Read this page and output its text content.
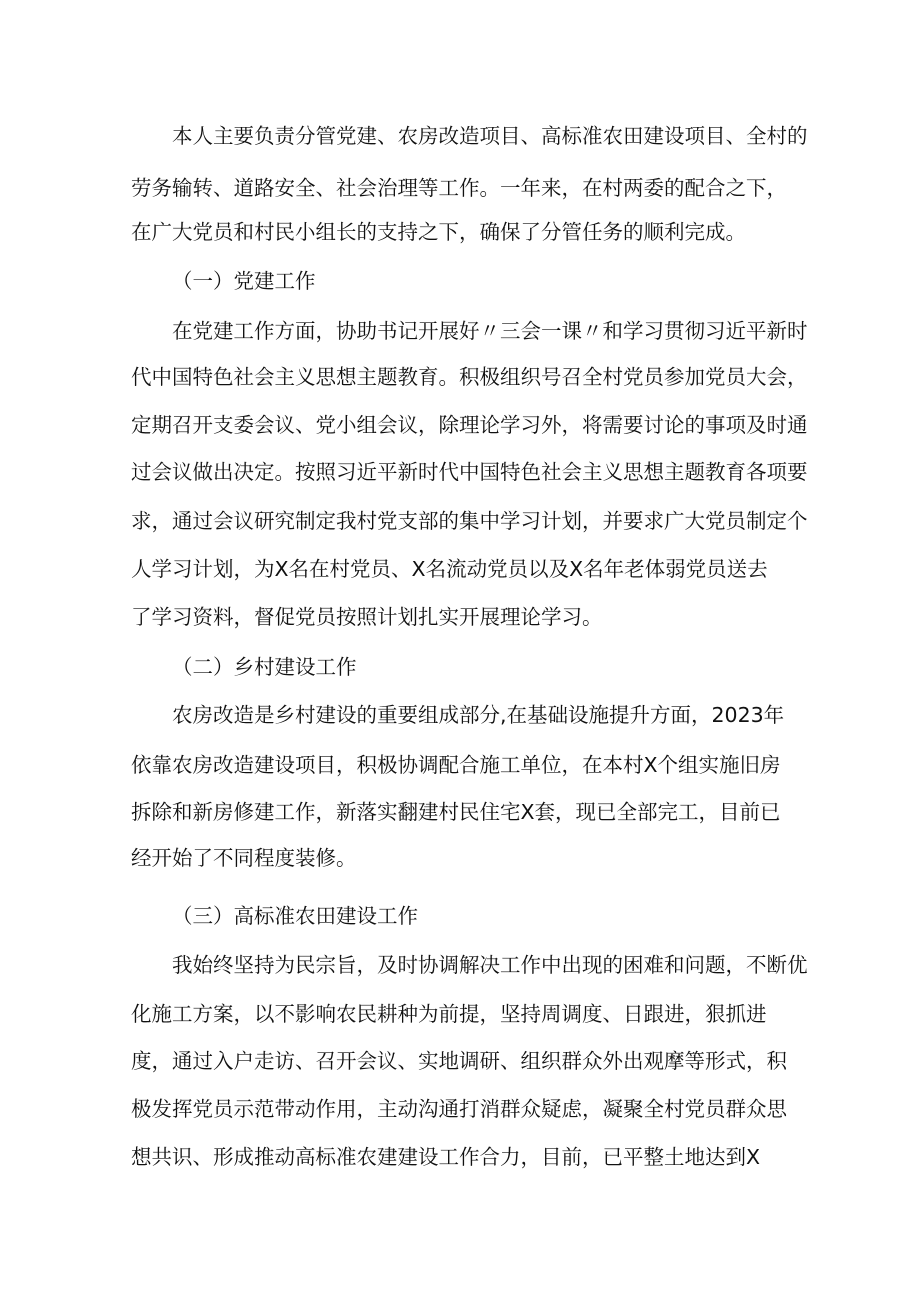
本人主要负责分管党建、农房改造项目、高标准农田建设项目、全村的
劳务输转、道路安全、社会治理等工作。一年来，在村两委的配合之下，
在广大党员和村民小组长的支持之下，确保了分管任务的顺利完成。
（一）党建工作
在党建工作方面，协助书记开展好〃三会一课〃和学习贯彻习近平新时
代中国特色社会主义思想主题教育。积极组织号召全村党员参加党员大会，
定期召开支委会议、党小组会议，除理论学习外，将需要讨论的事项及时通
过会议做出决定。按照习近平新时代中国特色社会主义思想主题教育各项要
求，通过会议研究制定我村党支部的集中学习计划，并要求广大党员制定个
人学习计划，为X名在村党员、X名流动党员以及X名年老体弱党员送去
了学习资料，督促党员按照计划扎实开展理论学习。
（二）乡村建设工作
农房改造是乡村建设的重要组成部分,在基础设施提升方面，2023年
依靠农房改造建设项目，积极协调配合施工单位，在本村X个组实施旧房
拆除和新房修建工作，新落实翻建村民住宅X套，现已全部完工，目前已
经开始了不同程度装修。
（三）高标准农田建设工作
我始终坚持为民宗旨，及时协调解决工作中出现的困难和问题，不断优
化施工方案，以不影响农民耕种为前提，坚持周调度、日跟进，狠抓进
度，通过入户走访、召开会议、实地调研、组织群众外出观摩等形式，积
极发挥党员示范带动作用，主动沟通打消群众疑虑，凝聚全村党员群众思
想共识、形成推动高标准农建建设工作合力，目前，已平整土地达到X
